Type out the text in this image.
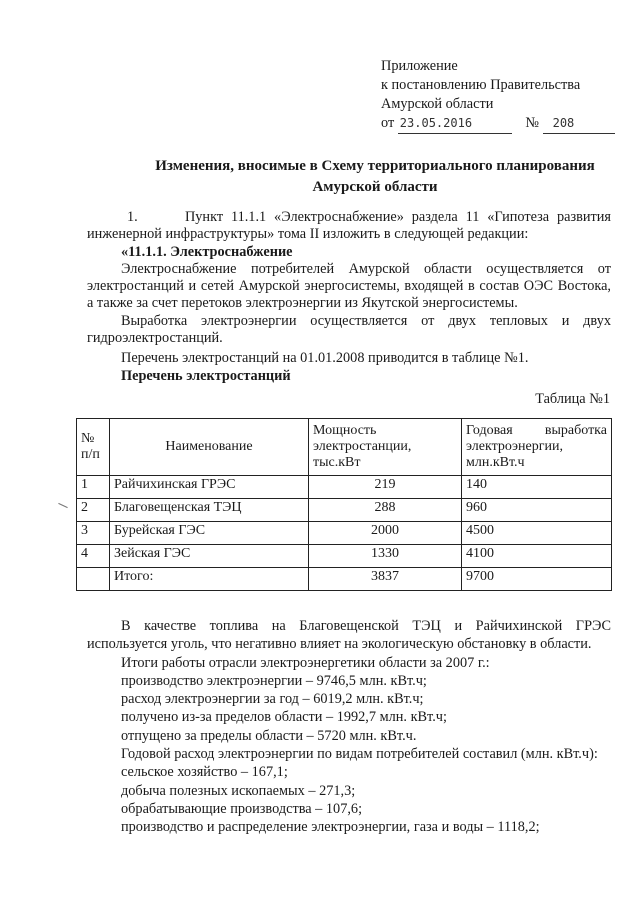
Приложение
к постановлению Правительства
Амурской области
от 23.05.2016	№ 208
Изменения, вносимые в Схему территориального планирования
Амурской области

1.      Пункт 11.1.1 «Электроснабжение» раздела 11 «Гипотеза развития инженерной инфраструктуры» тома II изложить в следующей редакции:

«11.1.1. Электроснабжение

Электроснабжение потребителей Амурской области осуществляется от электростанций и сетей Амурской энергосистемы, входящей в состав ОЭС Востока, а также за счет перетоков электроэнергии из Якутской энергосистемы.

Выработка электроэнергии осуществляется от двух тепловых и двух гидроэлектростанций.

Перечень электростанций на 01.01.2008 приводится в таблице №1.

Перечень электростанций

Таблица №1
№ п/п	Наименование	Мощность электростанции, тыс.кВт	Годовая выработка электроэнергии, млн.кВт.ч
1	Райчихинская ГРЭС	219	140
2	Благовещенская ТЭЦ	288	960
3	Бурейская ГЭС	2000	4500
4	Зейская ГЭС	1330	4100
	Итого:	3837	9700

В качестве топлива на Благовещенской ТЭЦ и Райчихинской ГРЭС используется уголь, что негативно влияет на экологическую обстановку в области.

Итоги работы отрасли электроэнергетики области за 2007 г.:

производство электроэнергии – 9746,5 млн. кВт.ч;

расход электроэнергии за год – 6019,2 млн. кВт.ч;

получено из-за пределов области – 1992,7 млн. кВт.ч;

отпущено за пределы области – 5720 млн. кВт.ч.

Годовой расход электроэнергии по видам потребителей составил (млн. кВт.ч):

сельское хозяйство – 167,1;

добыча полезных ископаемых – 271,3;

обрабатывающие производства – 107,6;

производство и распределение электроэнергии, газа и воды – 1118,2;
